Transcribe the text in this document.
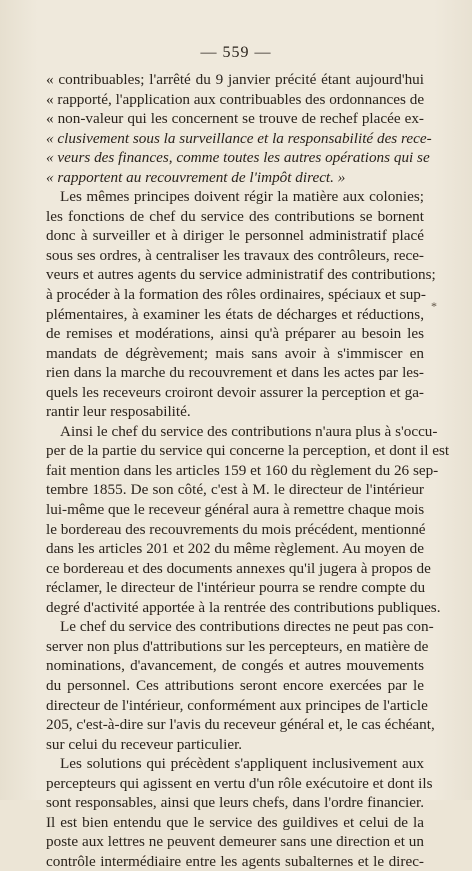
— 559 —
*
« contribuables; l'arrêté du 9 janvier précité étant aujourd'hui
« rapporté, l'application aux contribuables des ordonnances de
« non-valeur qui les concernent se trouve de rechef placée ex-
« clusivement sous la surveillance et la responsabilité des rece-
« veurs des finances, comme toutes les autres opérations qui se
« rapportent au recouvrement de l'impôt direct. »
Les mêmes principes doivent régir la matière aux colonies;
les fonctions de chef du service des contributions se bornent
donc à surveiller et à diriger le personnel administratif placé
sous ses ordres, à centraliser les travaux des contrôleurs, rece-
veurs et autres agents du service administratif des contributions;
à procéder à la formation des rôles ordinaires, spéciaux et sup-
plémentaires, à examiner les états de décharges et réductions,
de remises et modérations, ainsi qu'à préparer au besoin les
mandats de dégrèvement; mais sans avoir à s'immiscer en
rien dans la marche du recouvrement et dans les actes par les-
quels les receveurs croiront devoir assurer la perception et ga-
rantir leur resposabilité.
Ainsi le chef du service des contributions n'aura plus à s'occu-
per de la partie du service qui concerne la perception, et dont il est
fait mention dans les articles 159 et 160 du règlement du 26 sep-
tembre 1855. De son côté, c'est à M. le directeur de l'intérieur
lui-même que le receveur général aura à remettre chaque mois
le bordereau des recouvrements du mois précédent, mentionné
dans les articles 201 et 202 du même règlement. Au moyen de
ce bordereau et des documents annexes qu'il jugera à propos de
réclamer, le directeur de l'intérieur pourra se rendre compte du
degré d'activité apportée à la rentrée des contributions publiques.
Le chef du service des contributions directes ne peut pas con-
server non plus d'attributions sur les percepteurs, en matière de
nominations, d'avancement, de congés et autres mouvements
du personnel. Ces attributions seront encore exercées par le
directeur de l'intérieur, conformément aux principes de l'article
205, c'est-à-dire sur l'avis du receveur général et, le cas échéant,
sur celui du receveur particulier.
Les solutions qui précèdent s'appliquent inclusivement aux
percepteurs qui agissent en vertu d'un rôle exécutoire et dont ils
sont responsables, ainsi que leurs chefs, dans l'ordre financier.
Il est bien entendu que le service des guildives et celui de la
poste aux lettres ne peuvent demeurer sans une direction et un
contrôle intermédiaire entre les agents subalternes et le direc-
